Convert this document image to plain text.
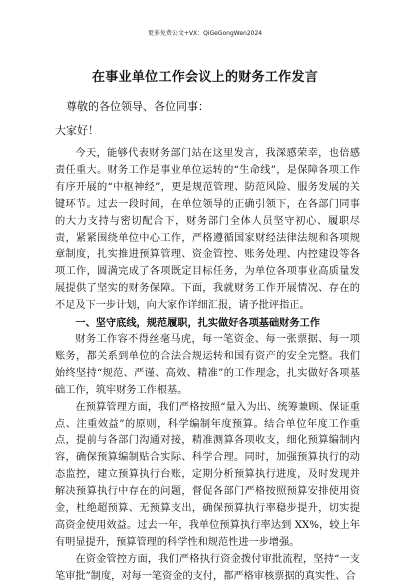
更多免费公文+VX：QiGeGongWen2024
在事业单位工作会议上的财务工作发言
尊敬的各位领导、各位同事：
大家好！

今天，能够代表财务部门站在这里发言，我深感荣幸，也倍感责任重大。财务工作是事业单位运转的“生命线”，是保障各项工作有序开展的“中枢神经”，更是规范管理、防范风险、服务发展的关键环节。过去一段时间，在单位领导的正确引领下，在各部门同事的大力支持与密切配合下，财务部门全体人员坚守初心、履职尽责，紧紧围绕单位中心工作，严格遵循国家财经法律法规和各项规章制度，扎实推进预算管理、资金管控、账务处理、内控建设等各项工作，圆满完成了各项既定目标任务，为单位各项事业高质量发展提供了坚实的财务保障。下面，我就财务工作开展情况、存在的不足及下一步计划，向大家作详细汇报，请予批评指正。

一、坚守底线，规范履职，扎实做好各项基础财务工作

财务工作容不得丝毫马虎，每一笔资金、每一张票据、每一项账务，都关系到单位的合法合规运转和国有资产的安全完整。我们始终坚持“规范、严谨、高效、精准”的工作理念，扎实做好各项基础工作，筑牢财务工作根基。

在预算管理方面，我们严格按照“量入为出、统筹兼顾、保证重点、注重效益”的原则，科学编制年度预算。结合单位年度工作重点，提前与各部门沟通对接，精准测算各项收支，细化预算编制内容，确保预算编制贴合实际、科学合理。同时，加强预算执行的动态监控，建立预算执行台账，定期分析预算执行进度，及时发现并解决预算执行中存在的问题，督促各部门严格按照预算安排使用资金，杜绝超预算、无预算支出，确保预算执行率稳步提升，切实提高资金使用效益。过去一年，我单位预算执行率达到 XX%，较上年有明显提升，预算管理的科学性和规范性进一步增强。

在资金管控方面，我们严格执行资金拨付审批流程，坚持“一支笔审批”制度，对每一笔资金的支付，都严格审核票据的真实性、合
